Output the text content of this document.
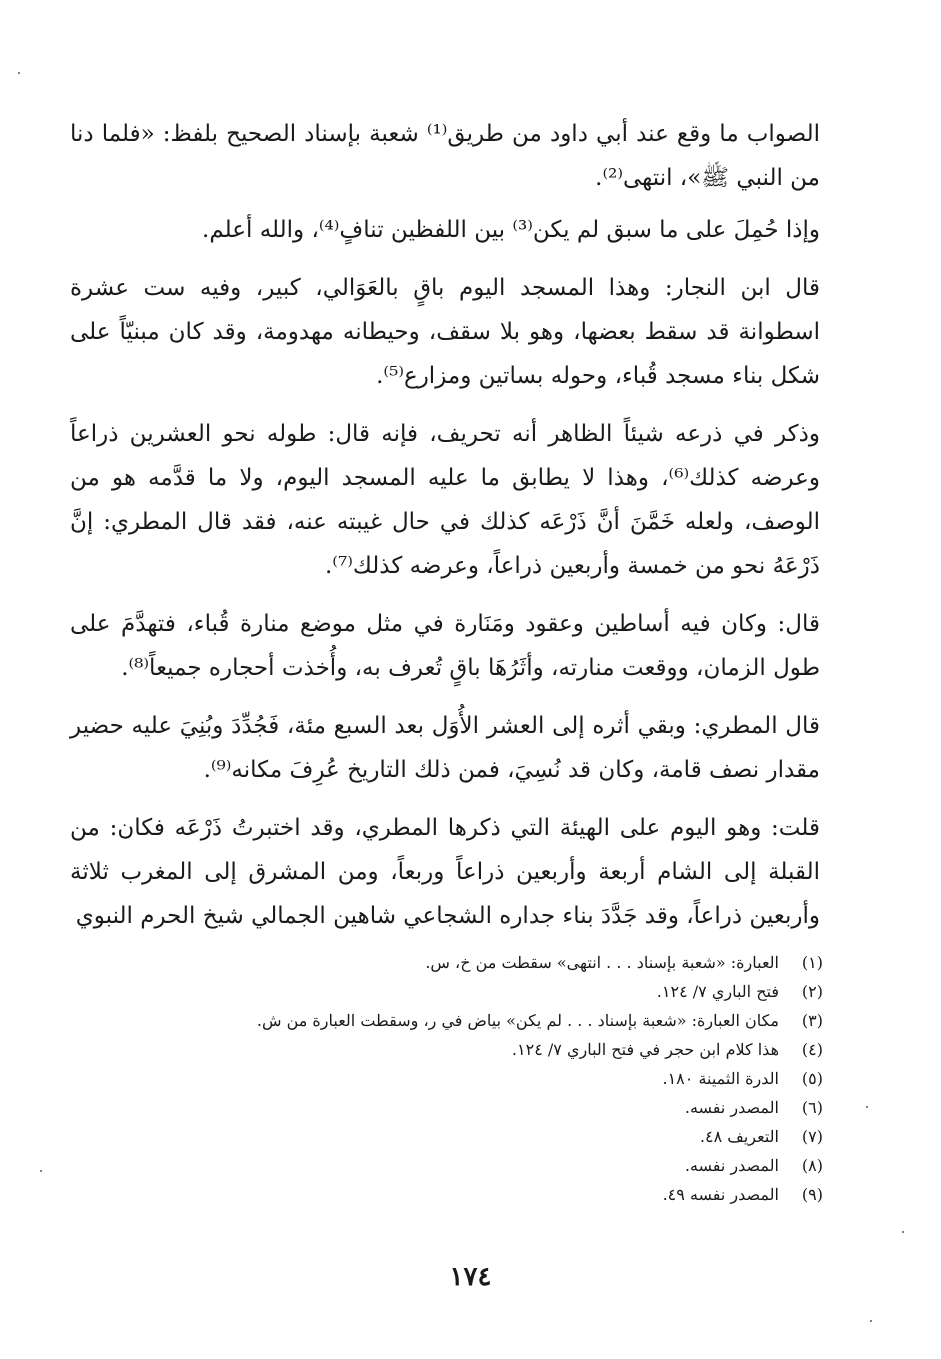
الصواب ما وقع عند أبي داود من طريق⁽¹⁾ شعبة بإسناد الصحيح بلفظ: «فلما دنا من النبي ﷺ»، انتهى⁽²⁾.

وإذا حُمِلَ على ما سبق لم يكن⁽³⁾ بين اللفظين تنافٍ⁽⁴⁾، والله أعلم.

قال ابن النجار: وهذا المسجد اليوم باقٍ بالعَوَالي، كبير، وفيه ست عشرة اسطوانة قد سقط بعضها، وهو بلا سقف، وحيطانه مهدومة، وقد كان مبنيّاً على شكل بناء مسجد قُباء، وحوله بساتين ومزارع⁽⁵⁾.

وذكر في ذرعه شيئاً الظاهر أنه تحريف، فإنه قال: طوله نحو العشرين ذراعاً وعرضه كذلك⁽⁶⁾، وهذا لا يطابق ما عليه المسجد اليوم، ولا ما قدَّمه هو من الوصف، ولعله خَمَّنَ أنَّ ذَرْعَه كذلك في حال غيبته عنه، فقد قال المطري: إنَّ ذَرْعَهُ نحو من خمسة وأربعين ذراعاً، وعرضه كذلك⁽⁷⁾.

قال: وكان فيه أساطين وعقود ومَنَارة في مثل موضع منارة قُباء، فتهدَّمَ على طول الزمان، ووقعت منارته، وأثَرُهَا باقٍ تُعرف به، وأُخذت أحجاره جميعاً⁽⁸⁾.

قال المطري: وبقي أثره إلى العشر الأُوَل بعد السبع مئة، فَجُدِّدَ وبُنِيَ عليه حضير مقدار نصف قامة، وكان قد نُسِيَ، فمن ذلك التاريخ عُرِفَ مكانه⁽⁹⁾.

قلت: وهو اليوم على الهيئة التي ذكرها المطري، وقد اختبرتُ ذَرْعَه فكان: من القبلة إلى الشام أربعة وأربعين ذراعاً وربعاً، ومن المشرق إلى المغرب ثلاثة وأربعين ذراعاً، وقد جَدَّدَ بناء جداره الشجاعي شاهين الجمالي شيخ الحرم النبوي

(١)
العبارة: «شعبة بإسناد . . . انتهى» سقطت من خ، س.
(٢)
فتح الباري ٧/ ١٢٤.
(٣)
مكان العبارة: «شعبة بإسناد . . . لم يكن» بياض في ر، وسقطت العبارة من ش.
(٤)
هذا كلام ابن حجر في فتح الباري ٧/ ١٢٤.
(٥)
الدرة الثمينة ١٨٠.
(٦)
المصدر نفسه.
(٧)
التعريف ٤٨.
(٨)
المصدر نفسه.
(٩)
المصدر نفسه ٤٩.
١٧٤
